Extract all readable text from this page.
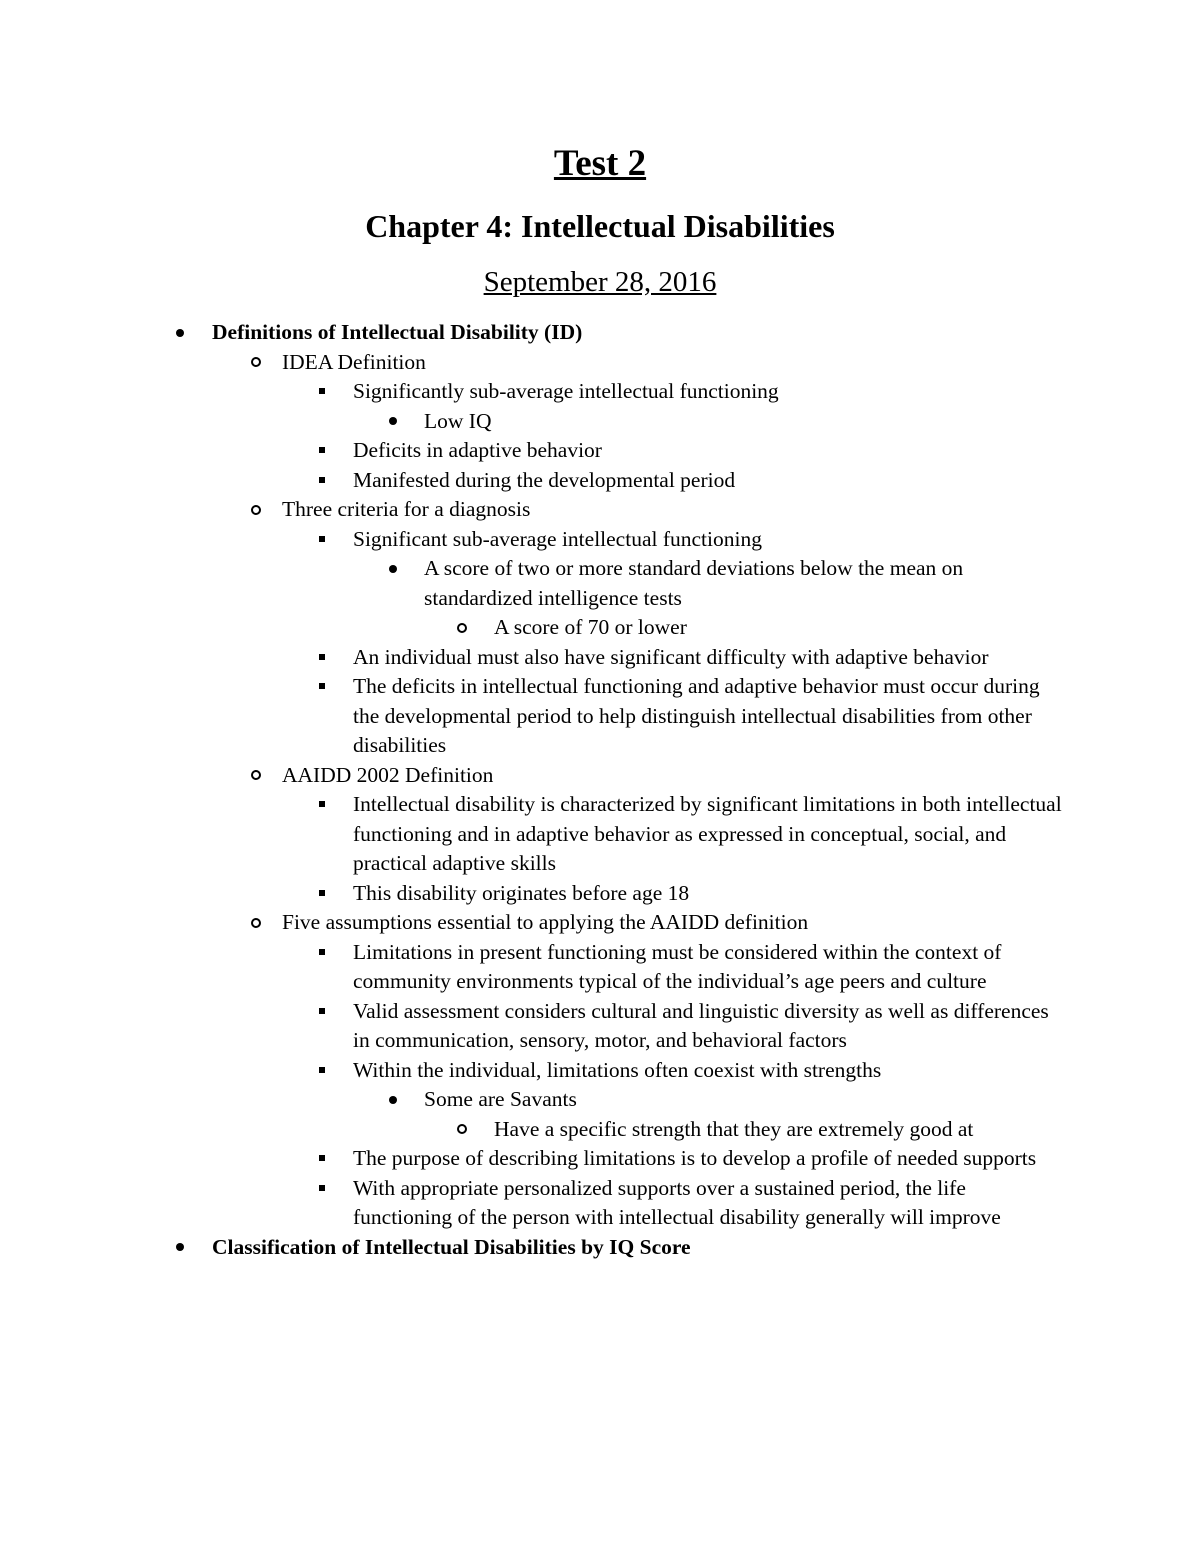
Test 2
Chapter 4: Intellectual Disabilities
September 28, 2016
Definitions of Intellectual Disability (ID)
IDEA Definition
Significantly sub-average intellectual functioning
Low IQ
Deficits in adaptive behavior
Manifested during the developmental period
Three criteria for a diagnosis
Significant sub-average intellectual functioning
A score of two or more standard deviations below the mean on standardized intelligence tests
A score of 70 or lower
An individual must also have significant difficulty with adaptive behavior
The deficits in intellectual functioning and adaptive behavior must occur during the developmental period to help distinguish intellectual disabilities from other disabilities
AAIDD 2002 Definition
Intellectual disability is characterized by significant limitations in both intellectual functioning and in adaptive behavior as expressed in conceptual, social, and practical adaptive skills
This disability originates before age 18
Five assumptions essential to applying the AAIDD definition
Limitations in present functioning must be considered within the context of community environments typical of the individual’s age peers and culture
Valid assessment considers cultural and linguistic diversity as well as differences in communication, sensory, motor, and behavioral factors
Within the individual, limitations often coexist with strengths
Some are Savants
Have a specific strength that they are extremely good at
The purpose of describing limitations is to develop a profile of needed supports
With appropriate personalized supports over a sustained period, the life functioning of the person with intellectual disability generally will improve
Classification of Intellectual Disabilities by IQ Score
